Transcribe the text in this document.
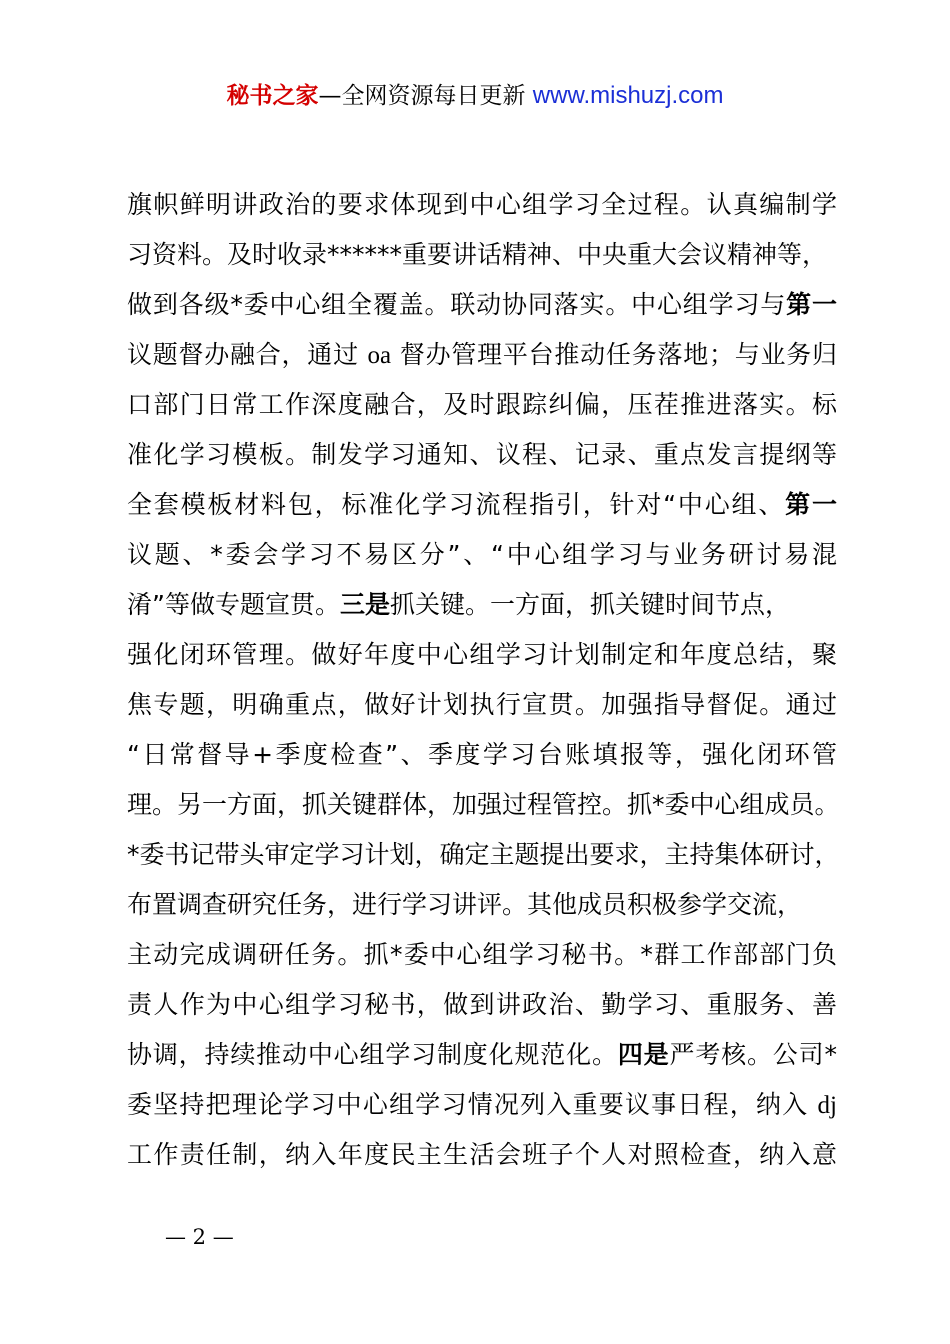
秘书之家—全网资源每日更新 www.mishuzj.com
旗帜鲜明讲政治的要求体现到中心组学习全过程。认真编制学
习资料。及时收录******重要讲话精神、中央重大会议精神等，
做到各级*委中心组全覆盖。联动协同落实。中心组学习与第一
议题督办融合，通过 oa 督办管理平台推动任务落地；与业务归
口部门日常工作深度融合，及时跟踪纠偏，压茬推进落实。标
准化学习模板。制发学习通知、议程、记录、重点发言提纲等
全套模板材料包，标准化学习流程指引，针对“中心组、第一
议题、*委会学习不易区分”、“中心组学习与业务研讨易混
淆”等做专题宣贯。三是抓关键。一方面，抓关键时间节点，
强化闭环管理。做好年度中心组学习计划制定和年度总结，聚
焦专题，明确重点，做好计划执行宣贯。加强指导督促。通过
“日常督导+季度检查”、季度学习台账填报等，强化闭环管
理。另一方面，抓关键群体，加强过程管控。抓*委中心组成员。
*委书记带头审定学习计划，确定主题提出要求，主持集体研讨，
布置调查研究任务，进行学习讲评。其他成员积极参学交流，
主动完成调研任务。抓*委中心组学习秘书。*群工作部部门负
责人作为中心组学习秘书，做到讲政治、勤学习、重服务、善
协调，持续推动中心组学习制度化规范化。四是严考核。公司*
委坚持把理论学习中心组学习情况列入重要议事日程，纳入 dj
工作责任制，纳入年度民主生活会班子个人对照检查，纳入意
— 2 —
